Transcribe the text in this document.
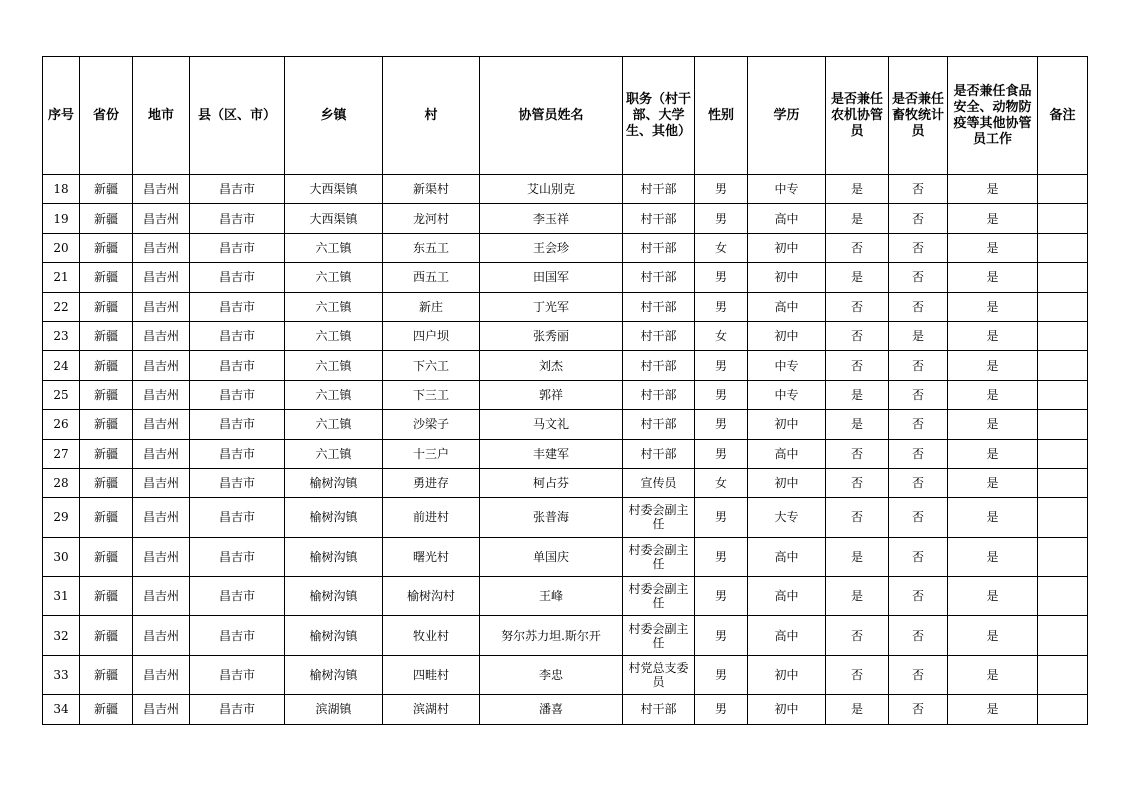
序号	省份	地市	县（区、市）	乡镇	村	协管员姓名	职务（村干部、大学生、其他）	性别	学历	是否兼任农机协管员	是否兼任畜牧统计员	是否兼任食品安全、动物防疫等其他协管员工作	备注
18	新疆	昌吉州	昌吉市	大西渠镇	新渠村	艾山别克	村干部	男	中专	是	否	是	
19	新疆	昌吉州	昌吉市	大西渠镇	龙河村	李玉祥	村干部	男	高中	是	否	是	
20	新疆	昌吉州	昌吉市	六工镇	东五工	王会珍	村干部	女	初中	否	否	是	
21	新疆	昌吉州	昌吉市	六工镇	西五工	田国军	村干部	男	初中	是	否	是	
22	新疆	昌吉州	昌吉市	六工镇	新庄	丁光军	村干部	男	高中	否	否	是	
23	新疆	昌吉州	昌吉市	六工镇	四户坝	张秀丽	村干部	女	初中	否	是	是	
24	新疆	昌吉州	昌吉市	六工镇	下六工	刘杰	村干部	男	中专	否	否	是	
25	新疆	昌吉州	昌吉市	六工镇	下三工	郭祥	村干部	男	中专	是	否	是	
26	新疆	昌吉州	昌吉市	六工镇	沙梁子	马文礼	村干部	男	初中	是	否	是	
27	新疆	昌吉州	昌吉市	六工镇	十三户	丰建军	村干部	男	高中	否	否	是	
28	新疆	昌吉州	昌吉市	榆树沟镇	勇进存	柯占芬	宣传员	女	初中	否	否	是	
29	新疆	昌吉州	昌吉市	榆树沟镇	前进村	张普海	村委会副主任	男	大专	否	否	是	
30	新疆	昌吉州	昌吉市	榆树沟镇	曙光村	单国庆	村委会副主任	男	高中	是	否	是	
31	新疆	昌吉州	昌吉市	榆树沟镇	榆树沟村	王峰	村委会副主任	男	高中	是	否	是	
32	新疆	昌吉州	昌吉市	榆树沟镇	牧业村	努尔苏力坦.斯尔开	村委会副主任	男	高中	否	否	是	
33	新疆	昌吉州	昌吉市	榆树沟镇	四畦村	李忠	村党总支委员	男	初中	否	否	是	
34	新疆	昌吉州	昌吉市	滨湖镇	滨湖村	潘喜	村干部	男	初中	是	否	是	
